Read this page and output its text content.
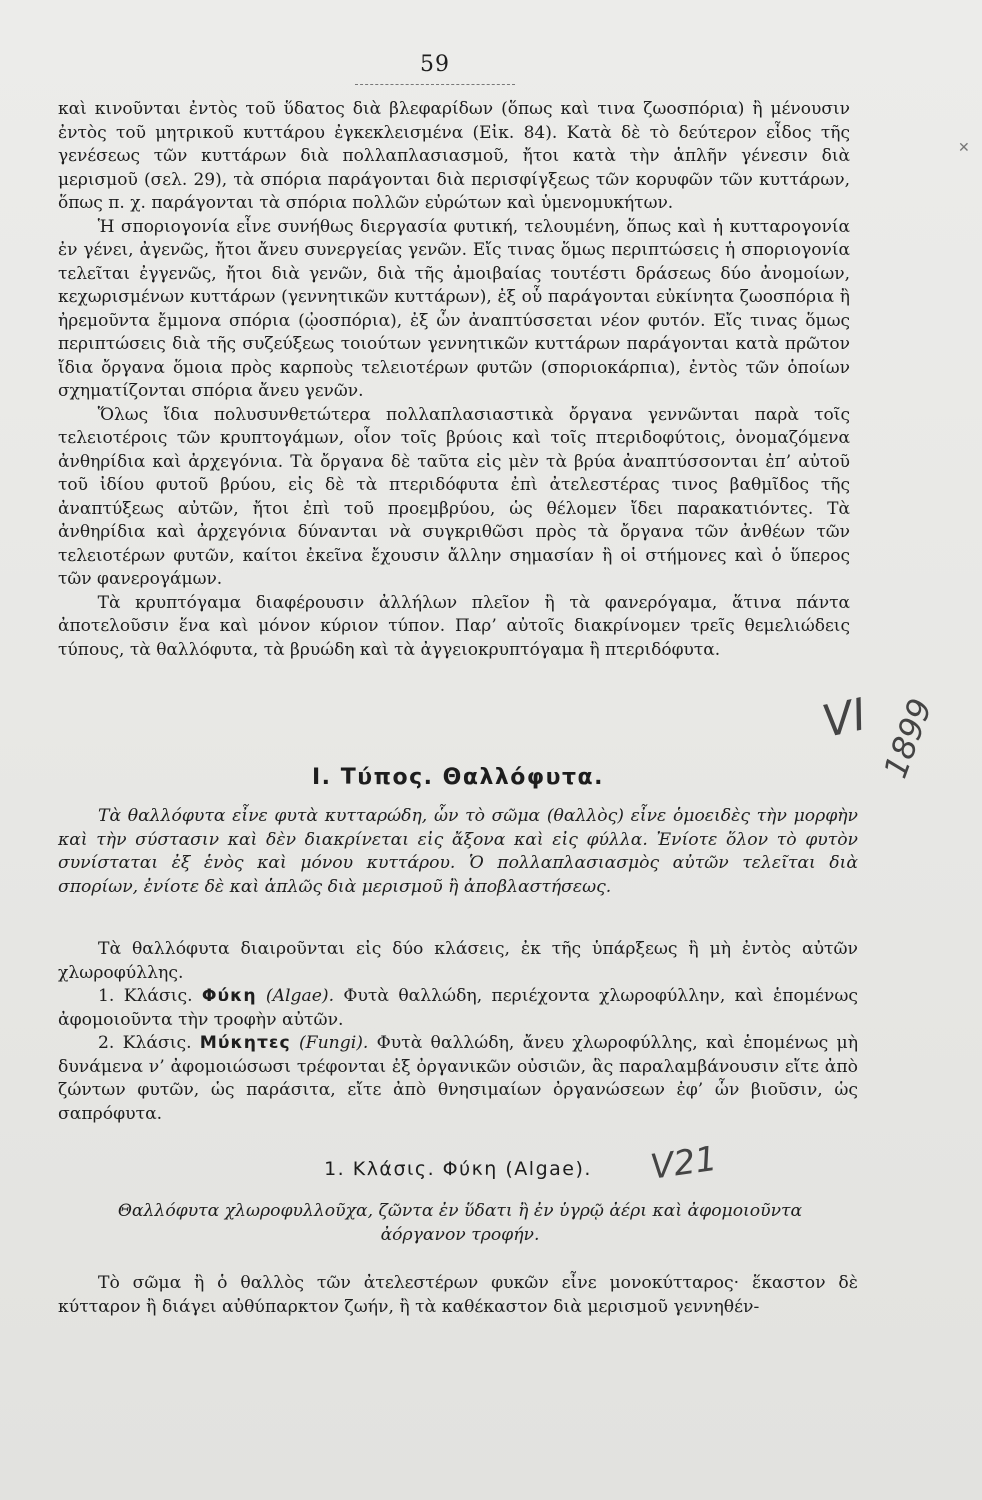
59
✕

καὶ κινοῦνται ἐντὸς τοῦ ὕδατος διὰ βλεφαρίδων (ὅπως καὶ τινα ζωοσπόρια) ἢ μένουσιν ἐντὸς τοῦ μητρικοῦ κυττάρου ἐγκεκλεισμένα (Εἰκ. 84). Κατὰ δὲ τὸ δεύτερον εἶδος τῆς γενέσεως τῶν κυττάρων διὰ πολλαπλασιασμοῦ, ἤτοι κατὰ τὴν ἁπλῆν γένεσιν διὰ μερισμοῦ (σελ. 29), τὰ σπόρια παράγονται διὰ περισφίγξεως τῶν κορυφῶν τῶν κυττάρων, ὅπως π. χ. παράγονται τὰ σπόρια πολλῶν εὐρώτων καὶ ὑμενομυκήτων.

Ἡ σποριογονία εἶνε συνήθως διεργασία φυτική, τελουμένη, ὅπως καὶ ἡ κυτταρογονία ἐν γένει, ἀγενῶς, ἤτοι ἄνευ συνεργείας γενῶν. Εἴς τινας ὅμως περιπτώσεις ἡ σποριογονία τελεῖται ἐγγενῶς, ἤτοι διὰ γενῶν, διὰ τῆς ἀμοιβαίας τουτέστι δράσεως δύο ἀνομοίων, κεχωρισμένων κυττάρων (γεννητικῶν κυττάρων), ἐξ οὗ παράγονται εὐκίνητα ζωοσπόρια ἢ ἠρεμοῦντα ἔμμονα σπόρια (ᾠοσπόρια), ἐξ ὧν ἀναπτύσσεται νέον φυτόν. Εἴς τινας ὅμως περιπτώσεις διὰ τῆς συζεύξεως τοιούτων γεννητικῶν κυττάρων παράγονται κατὰ πρῶτον ἴδια ὄργανα ὅμοια πρὸς καρποὺς τελειοτέρων φυτῶν (σποριοκάρπια), ἐντὸς τῶν ὁποίων σχηματίζονται σπόρια ἄνευ γενῶν.

Ὅλως ἴδια πολυσυνθετώτερα πολλαπλασιαστικὰ ὄργανα γεννῶνται παρὰ τοῖς τελειοτέροις τῶν κρυπτογάμων, οἷον τοῖς βρύοις καὶ τοῖς πτεριδοφύτοις, ὀνομαζόμενα ἀνθηρίδια καὶ ἀρχεγόνια. Τὰ ὄργανα δὲ ταῦτα εἰς μὲν τὰ βρύα ἀναπτύσσονται ἐπ’ αὐτοῦ τοῦ ἰδίου φυτοῦ βρύου, εἰς δὲ τὰ πτεριδόφυτα ἐπὶ ἀτελεστέρας τινος βαθμῖδος τῆς ἀναπτύξεως αὐτῶν, ἤτοι ἐπὶ τοῦ προεμβρύου, ὡς θέλομεν ἴδει παρακατιόντες. Τὰ ἀνθηρίδια καὶ ἀρχεγόνια δύνανται νὰ συγκριθῶσι πρὸς τὰ ὄργανα τῶν ἀνθέων τῶν τελειοτέρων φυτῶν, καίτοι ἐκεῖνα ἔχουσιν ἄλλην σημασίαν ἢ οἱ στήμονες καὶ ὁ ὕπερος τῶν φανερογάμων.

Τὰ κρυπτόγαμα διαφέρουσιν ἀλλήλων πλεῖον ἢ τὰ φανερόγαμα, ἅτινα πάντα ἀποτελοῦσιν ἕνα καὶ μόνον κύριον τύπον. Παρ’ αὐτοῖς διακρίνομεν τρεῖς θεμελιώδεις τύπους, τὰ θαλλόφυτα, τὰ βρυώδη καὶ τὰ ἀγγειοκρυπτόγαμα ἢ πτεριδόφυτα.

I. Τύπος. Θαλλόφυτα.

Τὰ θαλλόφυτα εἶνε φυτὰ κυτταρώδη, ὧν τὸ σῶμα (θαλλὸς) εἶνε ὁμοειδὲς τὴν μορφὴν καὶ τὴν σύστασιν καὶ δὲν διακρίνεται εἰς ἄξονα καὶ εἰς φύλλα. Ἐνίοτε ὅλον τὸ φυτὸν συνίσταται ἐξ ἑνὸς καὶ μόνου κυττάρου. Ὁ πολλαπλασιασμὸς αὐτῶν τελεῖται διὰ σπορίων, ἐνίοτε δὲ καὶ ἁπλῶς διὰ μερισμοῦ ἢ ἀποβλαστήσεως.

Τὰ θαλλόφυτα διαιροῦνται εἰς δύο κλάσεις, ἐκ τῆς ὑπάρξεως ἢ μὴ ἐντὸς αὐτῶν χλωροφύλλης.

1. Κλάσις. Φύκη (Algae). Φυτὰ θαλλώδη, περιέχοντα χλωροφύλλην, καὶ ἑπομένως ἀφομοιοῦντα τὴν τροφὴν αὐτῶν.

2. Κλάσις. Μύκητες (Fungi). Φυτὰ θαλλώδη, ἄνευ χλωροφύλλης, καὶ ἑπομένως μὴ δυνάμενα ν’ ἀφομοιώσωσι τρέφονται ἐξ ὀργανικῶν οὐσιῶν, ἃς παραλαμβάνουσιν εἴτε ἀπὸ ζώντων φυτῶν, ὡς παράσιτα, εἴτε ἀπὸ θνησιμαίων ὀργανώσεων ἐφ’ ὧν βιοῦσιν, ὡς σαπρόφυτα.

1. Κλάσις. Φύκη (Algae).
Θαλλόφυτα χλωροφυλλοῦχα, ζῶντα ἐν ὕδατι ἢ ἐν ὑγρῷ ἀέρι καὶ ἀφομοιοῦντα ἀόργανον τροφήν.

Τὸ σῶμα ἢ ὁ θαλλὸς τῶν ἀτελεστέρων φυκῶν εἶνε μονοκύτταρος· ἕκαστον δὲ κύτταρον ἢ διάγει αὐθύπαρκτον ζωήν, ἢ τὰ καθέκαστον διὰ μερισμοῦ γεννηθέν-

VI 1899
V21
